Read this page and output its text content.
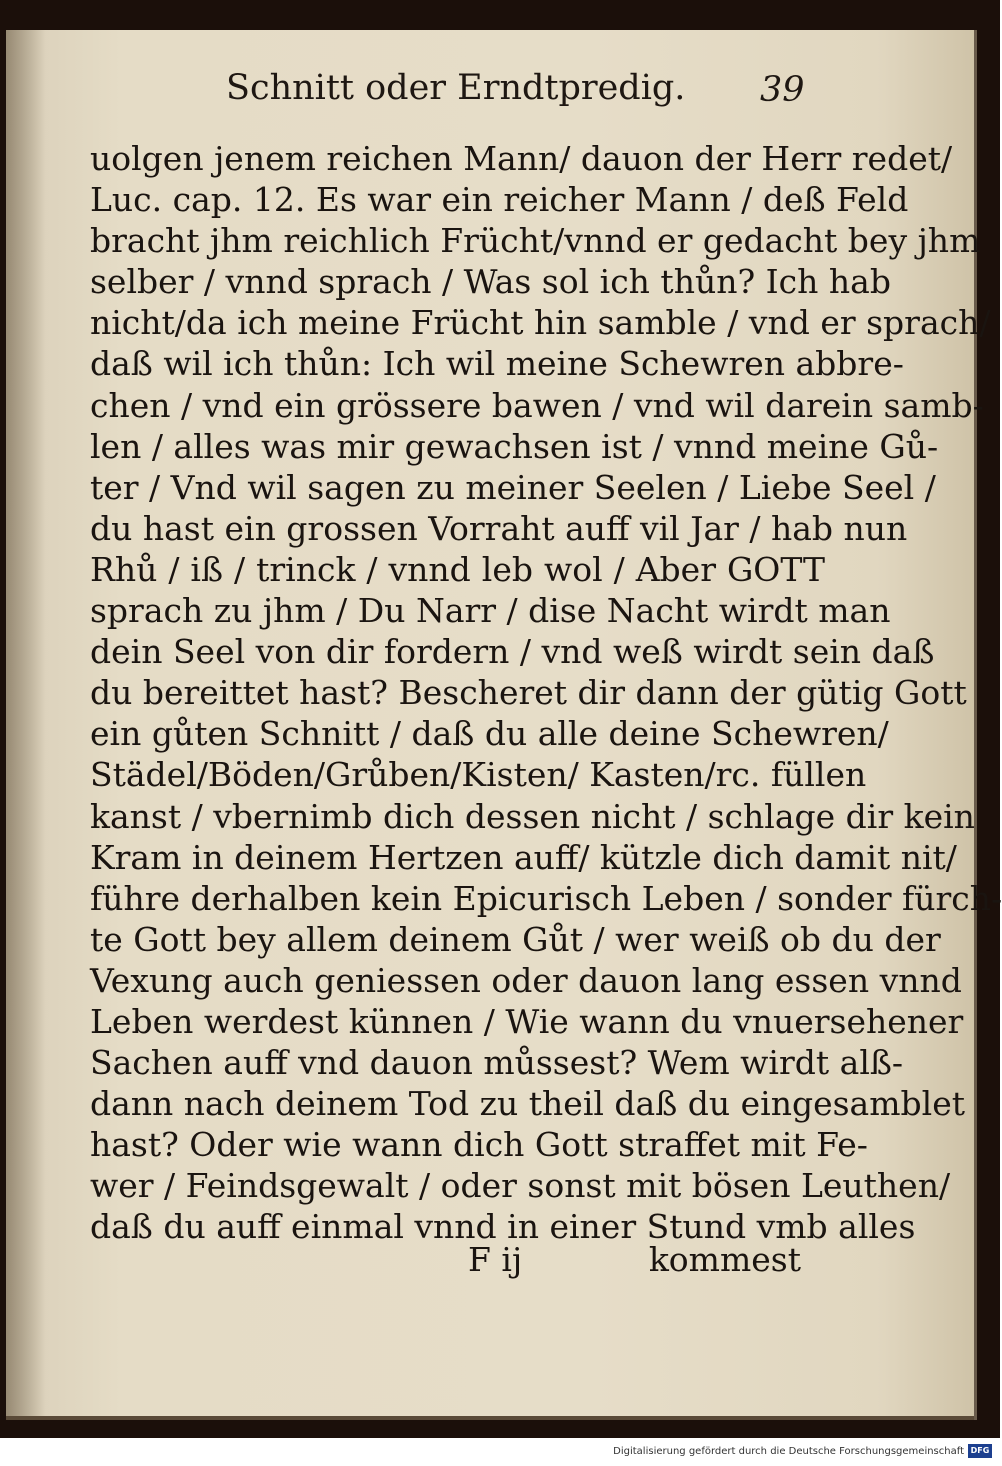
Schnitt oder Erndtpredig.	39
uolgen jenem reichen Mann/ dauon der Herr redet/
Luc. cap. 12. Es war ein reicher Mann / deß Feld
bracht jhm reichlich Frücht/vnnd er gedacht bey jhm
selber / vnnd sprach / Was sol ich thůn? Ich hab
nicht/da ich meine Frücht hin samble / vnd er sprach/
daß wil ich thůn: Ich wil meine Schewren abbre-
chen / vnd ein grössere bawen / vnd wil darein samb-
len / alles was mir gewachsen ist / vnnd meine Gů-
ter / Vnd wil sagen zu meiner Seelen / Liebe Seel /
du hast ein grossen Vorraht auff vil Jar / hab nun
Rhů / iß / trinck / vnnd leb wol / Aber GOTT
sprach zu jhm / Du Narr / dise Nacht wirdt man
dein Seel von dir fordern / vnd weß wirdt sein daß
du bereittet hast? Bescheret dir dann der gütig Gott
ein gůten Schnitt / daß du alle deine Schewren/
Städel/Böden/Grůben/Kisten/ Kasten/rc. füllen
kanst / vbernimb dich dessen nicht / schlage dir kein
Kram in deinem Hertzen auff/ kützle dich damit nit/
führe derhalben kein Epicurisch Leben / sonder fürch-
te Gott bey allem deinem Gůt / wer weiß ob du der
Vexung auch geniessen oder dauon lang essen vnnd
Leben werdest künnen / Wie wann du vnuersehener
Sachen auff vnd dauon můssest? Wem wirdt alß-
dann nach deinem Tod zu theil daß du eingesamblet
hast? Oder wie wann dich Gott straffet mit Fe-
wer / Feindsgewalt / oder sonst mit bösen Leuthen/
daß du auff einmal vnnd in einer Stund vmb alles
F ij	kommest
Digitalisierung gefördert durch die Deutsche Forschungsgemeinschaft DFG
